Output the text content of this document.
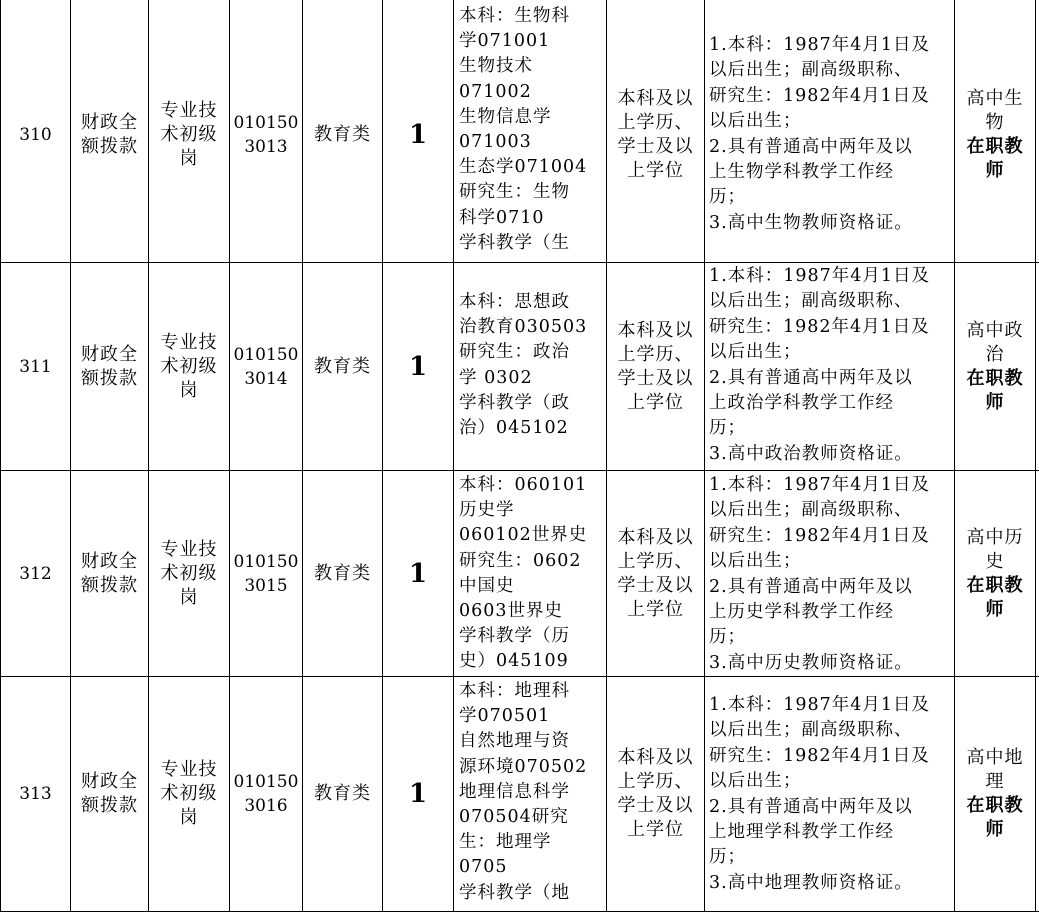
310
财政全
额拨款
专业技
术初级
岗
010150
3013
教育类 1
本科：生物科
学071001
生物技术
071002
生物信息学
071003
生态学071004
研究生：生物
科学0710
学科教学（生
本科及以
上学历、
学士及以
上学位
1.本科：1987年4月1日及
以后出生；副高级职称、
研究生：1982年4月1日及
以后出生；
2.具有普通高中两年及以
上生物学科教学工作经
历；
3.高中生物教师资格证。
高中生
物
在职教
师
311
财政全
额拨款
专业技
术初级
岗
010150
3014
教育类 1
本科：思想政
治教育030503
研究生：政治
学 0302
学科教学（政
治）045102
本科及以
上学历、
学士及以
上学位
1.本科：1987年4月1日及
以后出生；副高级职称、
研究生：1982年4月1日及
以后出生；
2.具有普通高中两年及以
上政治学科教学工作经
历；
3.高中政治教师资格证。
高中政
治
在职教
师
312
财政全
额拨款
专业技
术初级
岗
010150
3015
教育类 1
本科：060101
历史学
060102世界史
研究生：0602
中国史
0603世界史
学科教学（历
史）045109
本科及以
上学历、
学士及以
上学位
1.本科：1987年4月1日及
以后出生；副高级职称、
研究生：1982年4月1日及
以后出生；
2.具有普通高中两年及以
上历史学科教学工作经
历；
3.高中历史教师资格证。
高中历
史
在职教
师
313
财政全
额拨款
专业技
术初级
岗
010150
3016
教育类 1
本科：地理科
学070501
自然地理与资
源环境070502
地理信息科学
070504研究
生：地理学
0705
学科教学（地
本科及以
上学历、
学士及以
上学位
1.本科：1987年4月1日及
以后出生；副高级职称、
研究生：1982年4月1日及
以后出生；
2.具有普通高中两年及以
上地理学科教学工作经
历；
3.高中地理教师资格证。
高中地
理
在职教
师
